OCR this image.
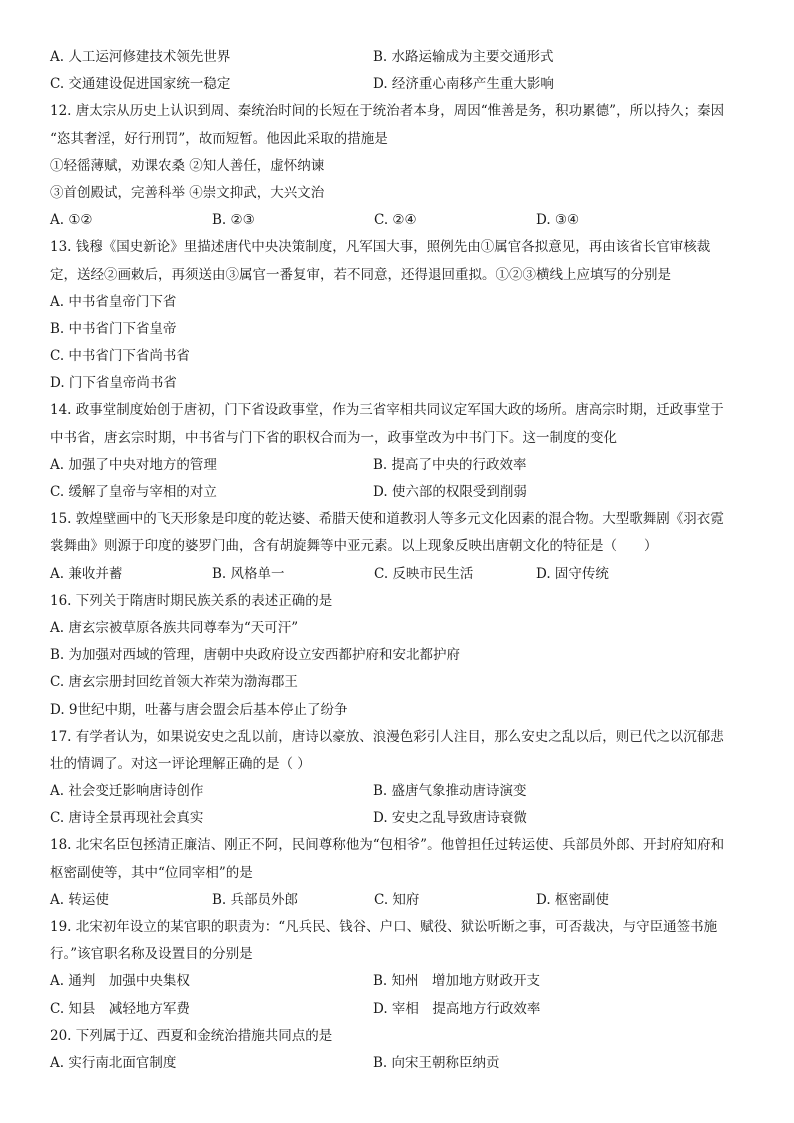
A. 人工运河修建技术领先世界	B. 水路运输成为主要交通形式
C. 交通建设促进国家统一稳定	D. 经济重心南移产生重大影响
12. 唐太宗从历史上认识到周、秦统治时间的长短在于统治者本身，周因“惟善是务，积功累德”，所以持久；秦因
“恣其奢淫，好行刑罚”，故而短暂。他因此采取的措施是
①轻徭薄赋，劝课农桑 ②知人善任，虚怀纳谏
③首创殿试，完善科举 ④崇文抑武，大兴文治
A. ①②	B. ②③	C. ②④	D. ③④
13. 钱穆《国史新论》里描述唐代中央决策制度，凡军国大事，照例先由①属官各拟意见，再由该省长官审核裁
定，送经②画敕后，再须送由③属官一番复审，若不同意，还得退回重拟。①②③横线上应填写的分别是
A. 中书省皇帝门下省
B. 中书省门下省皇帝
C. 中书省门下省尚书省
D. 门下省皇帝尚书省
14. 政事堂制度始创于唐初，门下省设政事堂，作为三省宰相共同议定军国大政的场所。唐高宗时期，迁政事堂于
中书省，唐玄宗时期，中书省与门下省的职权合而为一，政事堂改为中书门下。这一制度的变化
A. 加强了中央对地方的管理	B. 提高了中央的行政效率
C. 缓解了皇帝与宰相的对立	D. 使六部的权限受到削弱
15. 敦煌壁画中的飞天形象是印度的乾达婆、希腊天使和道教羽人等多元文化因素的混合物。大型歌舞剧《羽衣霓
裳舞曲》则源于印度的婆罗门曲，含有胡旋舞等中亚元素。以上现象反映出唐朝文化的特征是（　　）
A. 兼收并蓄	B. 风格单一	C. 反映市民生活	D. 固守传统
16. 下列关于隋唐时期民族关系的表述正确的是
A. 唐玄宗被草原各族共同尊奉为“天可汗”
B. 为加强对西域的管理，唐朝中央政府设立安西都护府和安北都护府
C. 唐玄宗册封回纥首领大祚荣为渤海郡王
D. 9世纪中期，吐蕃与唐会盟会后基本停止了纷争
17. 有学者认为，如果说安史之乱以前，唐诗以豪放、浪漫色彩引人注目，那么安史之乱以后，则已代之以沉郁悲
壮的情调了。对这一评论理解正确的是（ ）
A. 社会变迁影响唐诗创作	B. 盛唐气象推动唐诗演变
C. 唐诗全景再现社会真实	D. 安史之乱导致唐诗衰微
18. 北宋名臣包拯清正廉洁、刚正不阿，民间尊称他为“包相爷”。他曾担任过转运使、兵部员外郎、开封府知府和
枢密副使等，其中“位同宰相”的是
A. 转运使	B. 兵部员外郎	C. 知府	D. 枢密副使
19. 北宋初年设立的某官职的职责为：“凡兵民、钱谷、户口、赋役、狱讼听断之事，可否裁决，与守臣通签书施
行。”该官职名称及设置目的分别是
A. 通判　加强中央集权	B. 知州　增加地方财政开支
C. 知县　减轻地方军费	D. 宰相　提高地方行政效率
20. 下列属于辽、西夏和金统治措施共同点的是
A. 实行南北面官制度	B. 向宋王朝称臣纳贡
